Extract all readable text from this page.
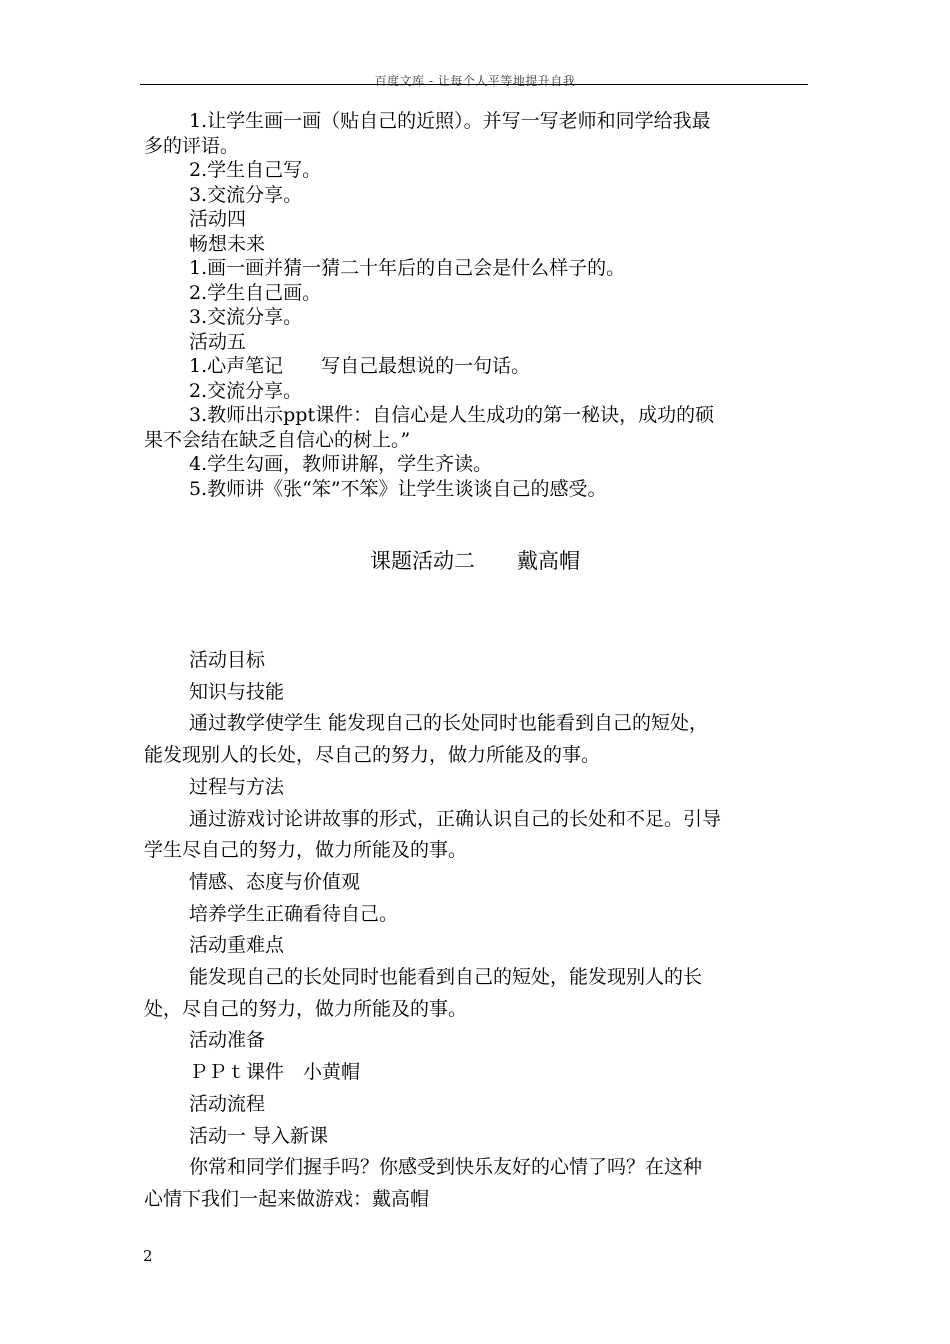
百度文库 - 让每个人平等地提升自我

1.让学生画一画（贴自己的近照）。并写一写老师和同学给我最

多的评语。

2.学生自己写。

3.交流分享。

活动四

畅想未来

1.画一画并猜一猜二十年后的自己会是什么样子的。

2.学生自己画。

3.交流分享。

活动五

1.心声笔记　　写自己最想说的一句话。

2.交流分享。

3.教师出示ppt课件：自信心是人生成功的第一秘诀，成功的硕

果不会结在缺乏自信心的树上。”

4.学生勾画，教师讲解，学生齐读。

5.教师讲《张“笨”不笨》让学生谈谈自己的感受。

课题活动二　　戴高帽

活动目标

知识与技能

通过教学使学生 能发现自己的长处同时也能看到自己的短处，

能发现别人的长处，尽自己的努力，做力所能及的事。

过程与方法

通过游戏讨论讲故事的形式，正确认识自己的长处和不足。引导

学生尽自己的努力，做力所能及的事。

情感、态度与价值观

培养学生正确看待自己。

活动重难点

能发现自己的长处同时也能看到自己的短处，能发现别人的长

处，尽自己的努力，做力所能及的事。

活动准备

ＰＰｔ课件　小黄帽

活动流程

活动一 导入新课

你常和同学们握手吗？你感受到快乐友好的心情了吗？在这种

心情下我们一起来做游戏：戴高帽

2
